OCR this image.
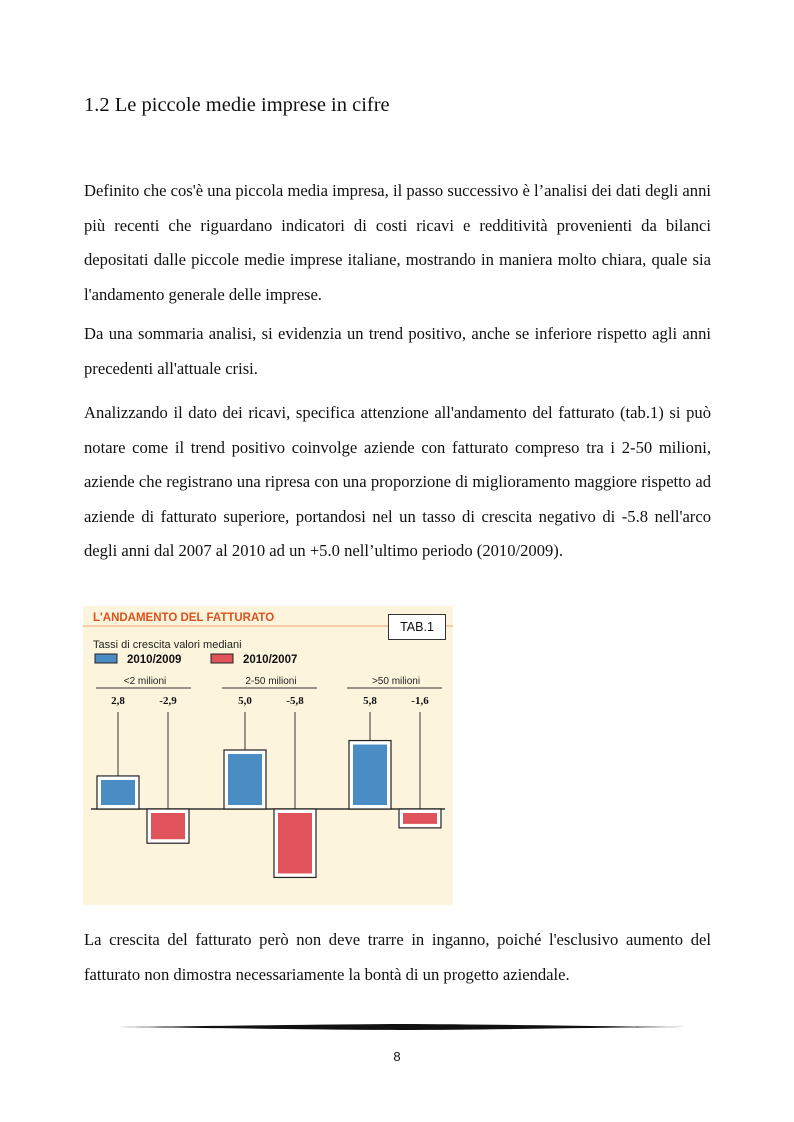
1.2 Le piccole medie imprese in cifre

Definito che cos'è una piccola media impresa, il passo successivo è l’analisi dei dati degli anni più recenti che riguardano indicatori di costi ricavi e redditività provenienti da bilanci depositati dalle piccole medie imprese italiane, mostrando in maniera molto chiara, quale sia l'andamento generale delle imprese.

Da una sommaria analisi, si evidenzia un trend positivo, anche se inferiore rispetto agli anni precedenti all'attuale crisi.

Analizzando il dato dei ricavi, specifica attenzione all'andamento del fatturato (tab.1) si può notare come il trend positivo coinvolge aziende con fatturato compreso tra i 2-50 milioni, aziende che registrano una ripresa con una proporzione di miglioramento maggiore rispetto ad aziende di fatturato superiore, portandosi nel un tasso di crescita negativo di -5.8 nell'arco degli anni dal 2007 al 2010 ad un +5.0 nell’ultimo periodo (2010/2009).

L'ANDAMENTO DEL FATTURATO
Tassi di crescita valori mediani
2010/2009	2010/2007
<2 milioni	2-50 milioni	>50 milioni
2,8	5,0	5,8
-2,9	-5,8	-1,6
TAB.1

La crescita del fatturato però non deve trarre in inganno, poiché l'esclusivo aumento del fatturato non dimostra necessariamente la bontà di un progetto aziendale.

8
